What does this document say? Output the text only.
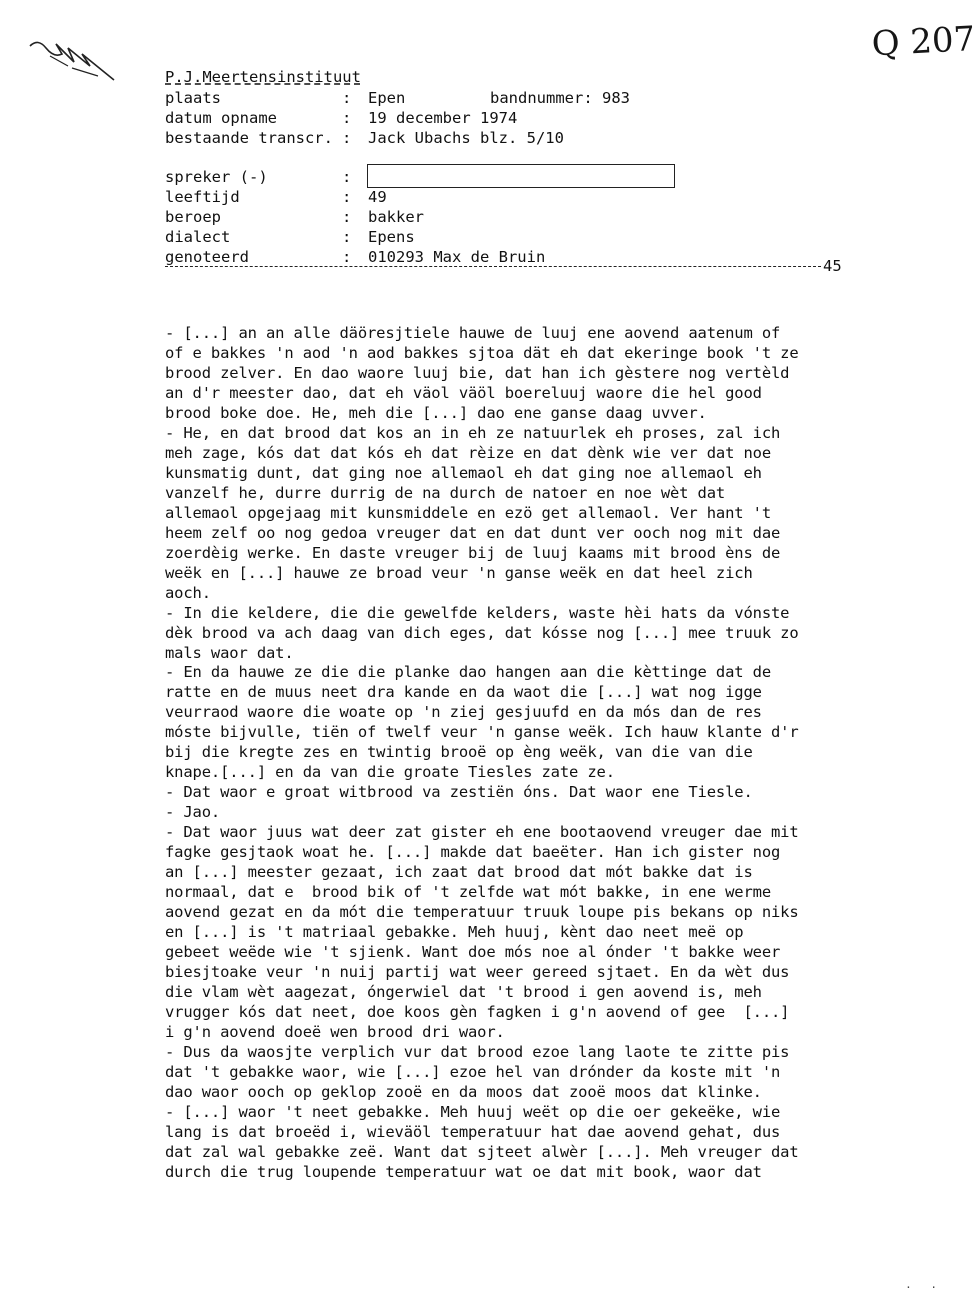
Q 207
P.J.Meertensinstituut
plaats	: Epen	bandnummer: 983
datum opname	: 19 december 1974
bestaande transcr. : Jack Ubachs blz. 5/10
spreker (-)	:
leeftijd	: 49
beroep	: bakker
dialect	: Epens
genoteerd	: 010293 Max de Bruin	45
- [...] an an alle däöresjtiele hauwe de luuj ene aovend aatenum of
of e bakkes 'n aod 'n aod bakkes sjtoa dät eh dat ekeringe book 't ze
brood zelver. En dao waore luuj bie, dat han ich gèstere nog vertèld
an d'r meester dao, dat eh väol väöl boereluuj waore die hel good
brood boke doe. He, meh die [...] dao ene ganse daag uvver.
- He, en dat brood dat kos an in eh ze natuurlek eh proses, zal ich
meh zage, kós dat dat kós eh dat rèize en dat dènk wie ver dat noe
kunsmatig dunt, dat ging noe allemaol eh dat ging noe allemaol eh
vanzelf he, durre durrig de na durch de natoer en noe wèt dat
allemaol opgejaag mit kunsmiddele en ezö get allemaol. Ver hant 't
heem zelf oo nog gedoa vreuger dat en dat dunt ver ooch nog mit dae
zoerdèig werke. En daste vreuger bij de luuj kaams mit brood èns de
weëk en [...] hauwe ze broad veur 'n ganse weëk en dat heel zich
aoch.
- In die keldere, die die gewelfde kelders, waste hèi hats da vónste
dèk brood va ach daag van dich eges, dat kósse nog [...] mee truuk zo
mals waor dat.
- En da hauwe ze die die planke dao hangen aan die kèttinge dat de
ratte en de muus neet dra kande en da waot die [...] wat nog igge
veurraod waore die woate op 'n ziej gesjuufd en da mós dan de res
móste bijvulle, tiën of twelf veur 'n ganse weëk. Ich hauw klante d'r
bij die kregte zes en twintig brooë op èng weëk, van die van die
knape.[...] en da van die groate Tiesles zate ze.
- Dat waor e groat witbrood va zestiën óns. Dat waor ene Tiesle.
- Jao.
- Dat waor juus wat deer zat gister eh ene bootaovend vreuger dae mit
fagke gesjtaok woat he. [...] makde dat baeëter. Han ich gister nog
an [...] meester gezaat, ich zaat dat brood dat mót bakke dat is
normaal, dat e  brood bik of 't zelfde wat mót bakke, in ene werme
aovend gezat en da mót die temperatuur truuk loupe pis bekans op niks
en [...] is 't matriaal gebakke. Meh huuj, kènt dao neet meë op
gebeet weëde wie 't sjienk. Want doe mós noe al ónder 't bakke weer
biesjtoake veur 'n nuij partij wat weer gereed sjtaet. En da wèt dus
die vlam wèt aagezat, óngerwiel dat 't brood i gen aovend is, meh
vrugger kós dat neet, doe koos gèn fagken i g'n aovend of gee  [...]
i g'n aovend doeë wen brood dri waor.
- Dus da waosjte verplich vur dat brood ezoe lang laote te zitte pis
dat 't gebakke waor, wie [...] ezoe hel van drónder da koste mit 'n
dao waor ooch op geklop zooë en da moos dat zooë moos dat klinke.
- [...] waor 't neet gebakke. Meh huuj weët op die oer gekeëke, wie
lang is dat broeëd i, wieväöl temperatuur hat dae aovend gehat, dus
dat zal wal gebakke zeë. Want dat sjteet alwèr [...]. Meh vreuger dat
durch die trug loupende temperatuur wat oe dat mit book, waor dat
. .
